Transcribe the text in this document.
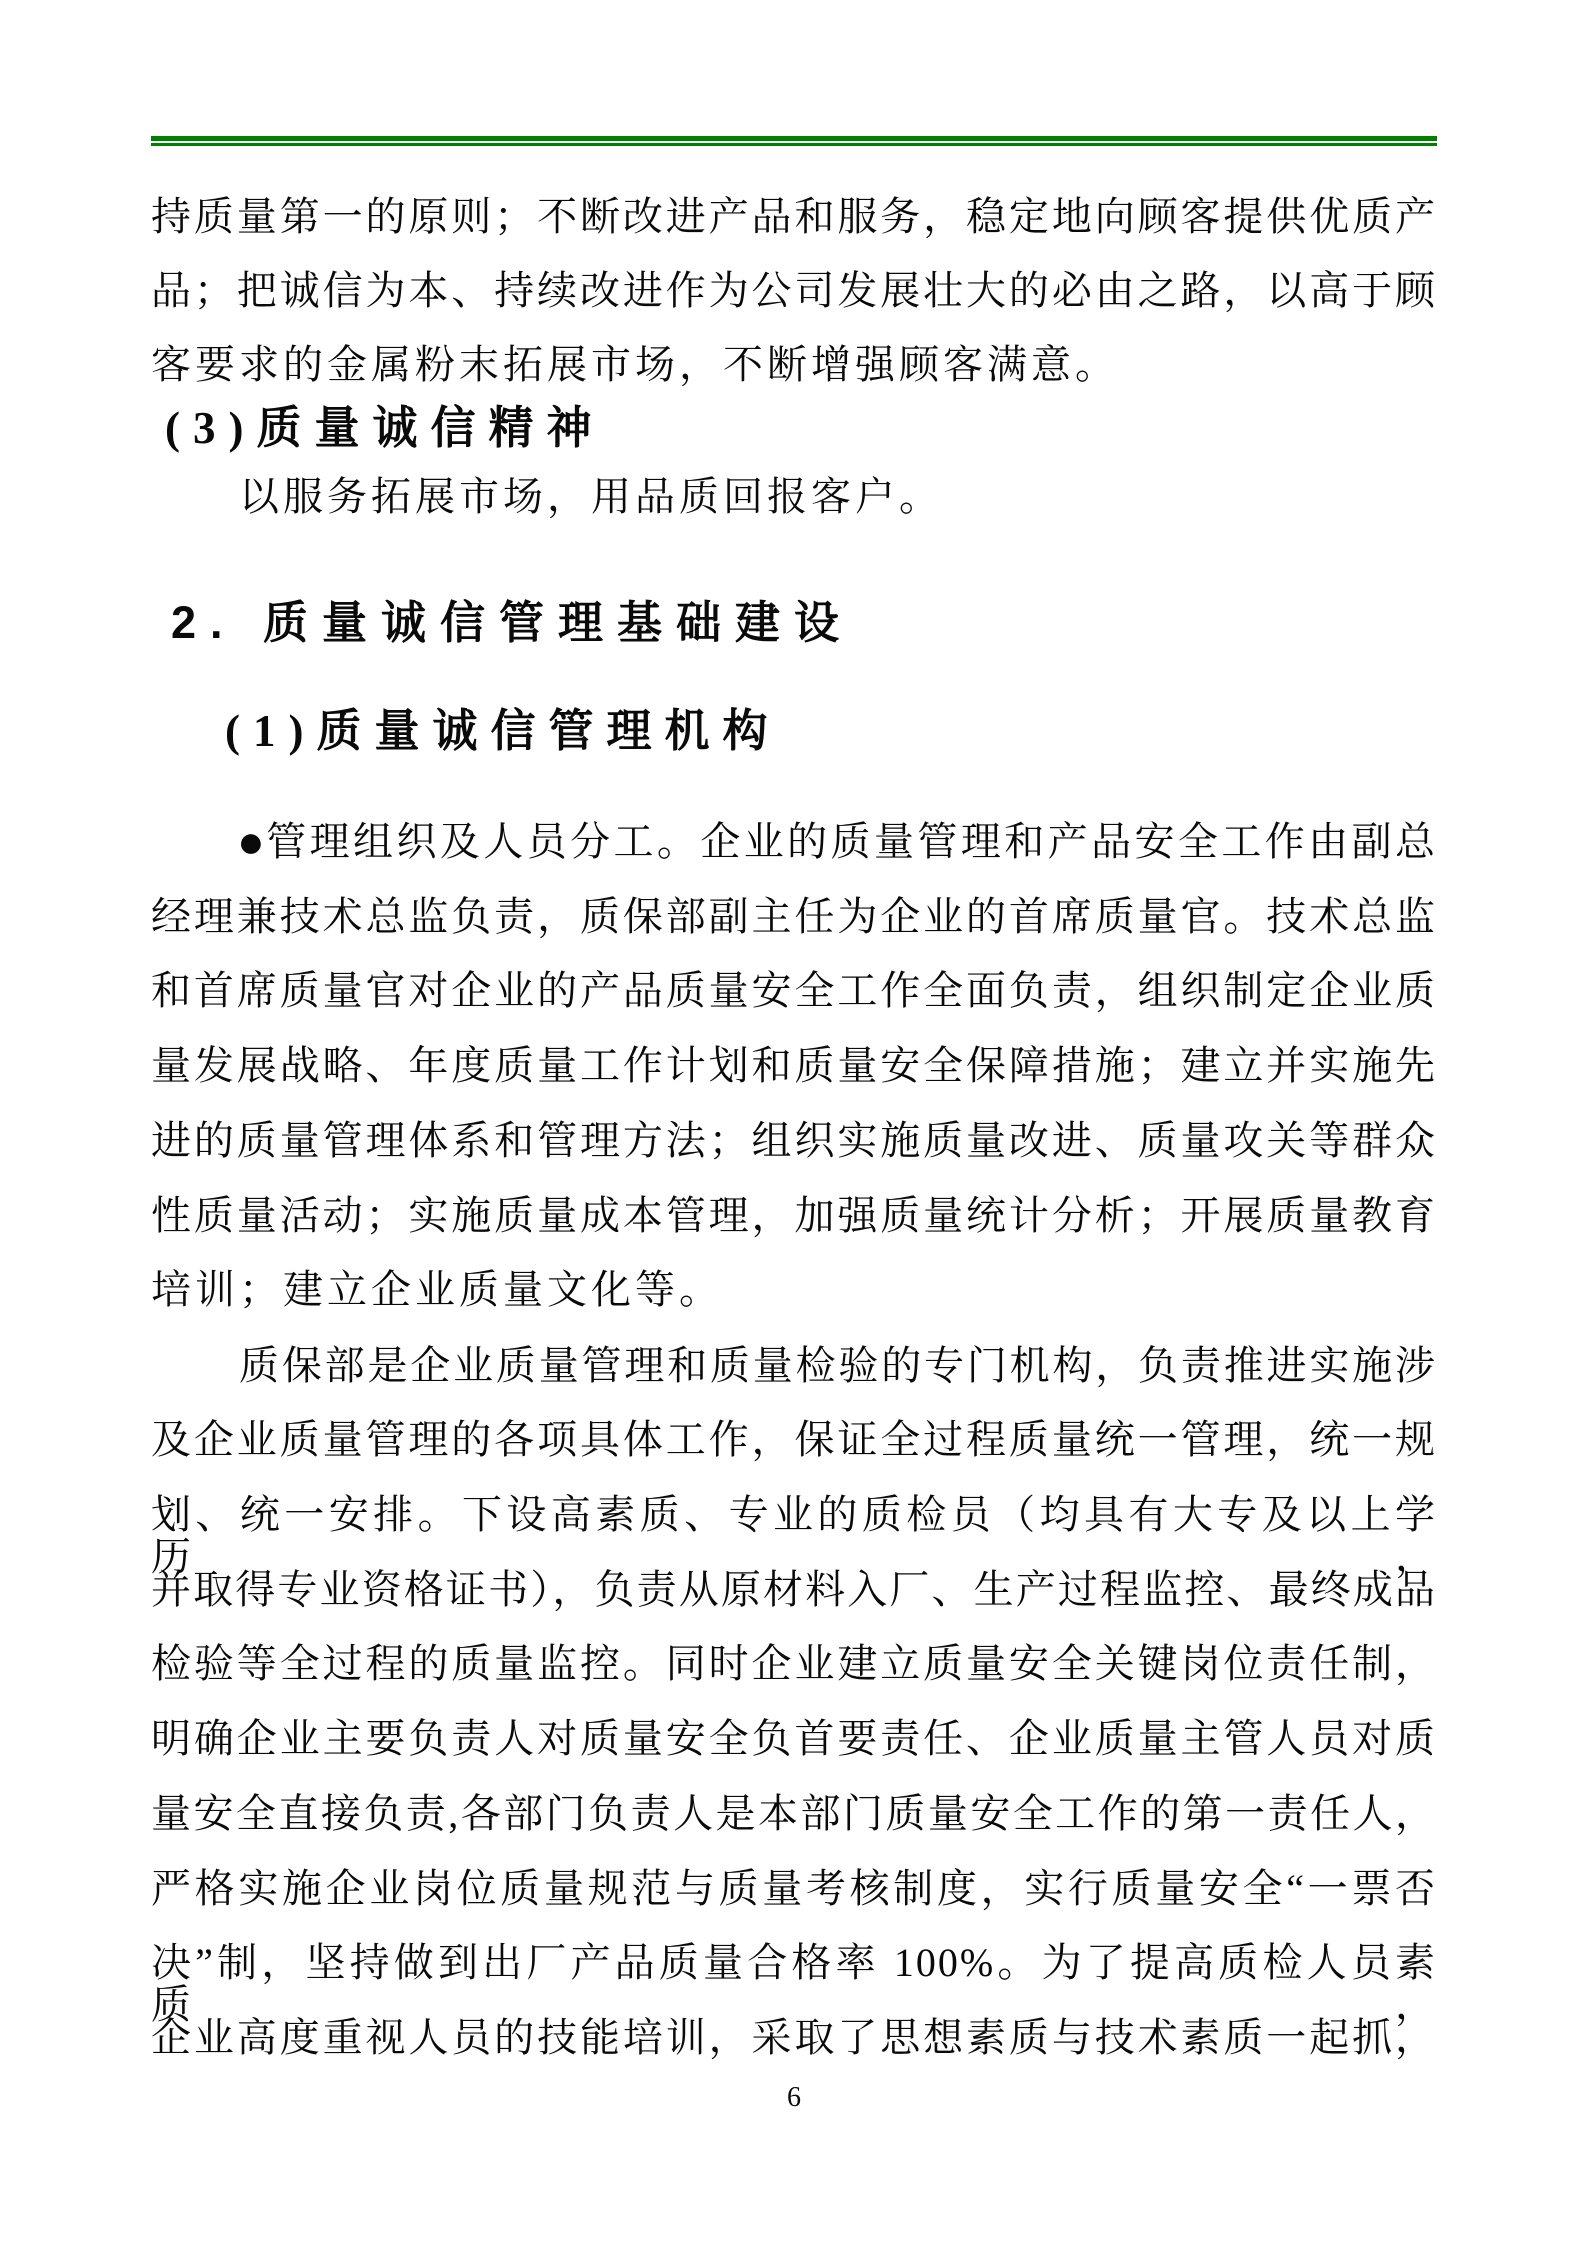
持质量第一的原则；不断改进产品和服务，稳定地向顾客提供优质产
品；把诚信为本、持续改进作为公司发展壮大的必由之路，以高于顾
客要求的金属粉末拓展市场，不断增强顾客满意。
(3)质量诚信精神
以服务拓展市场，用品质回报客户。
2. 质量诚信管理基础建设
(1)质量诚信管理机构
●管理组织及人员分工。企业的质量管理和产品安全工作由副总
经理兼技术总监负责，质保部副主任为企业的首席质量官。技术总监
和首席质量官对企业的产品质量安全工作全面负责，组织制定企业质
量发展战略、年度质量工作计划和质量安全保障措施；建立并实施先
进的质量管理体系和管理方法；组织实施质量改进、质量攻关等群众
性质量活动；实施质量成本管理，加强质量统计分析；开展质量教育
培训；建立企业质量文化等。
质保部是企业质量管理和质量检验的专门机构，负责推进实施涉
及企业质量管理的各项具体工作，保证全过程质量统一管理，统一规
划、统一安排。下设高素质、专业的质检员（均具有大专及以上学历，
并取得专业资格证书），负责从原材料入厂、生产过程监控、最终成品
检验等全过程的质量监控。同时企业建立质量安全关键岗位责任制，
明确企业主要负责人对质量安全负首要责任、企业质量主管人员对质
量安全直接负责,各部门负责人是本部门质量安全工作的第一责任人，
严格实施企业岗位质量规范与质量考核制度，实行质量安全“一票否
决”制，坚持做到出厂产品质量合格率 100%。为了提高质检人员素质，
企业高度重视人员的技能培训，采取了思想素质与技术素质一起抓，
6
